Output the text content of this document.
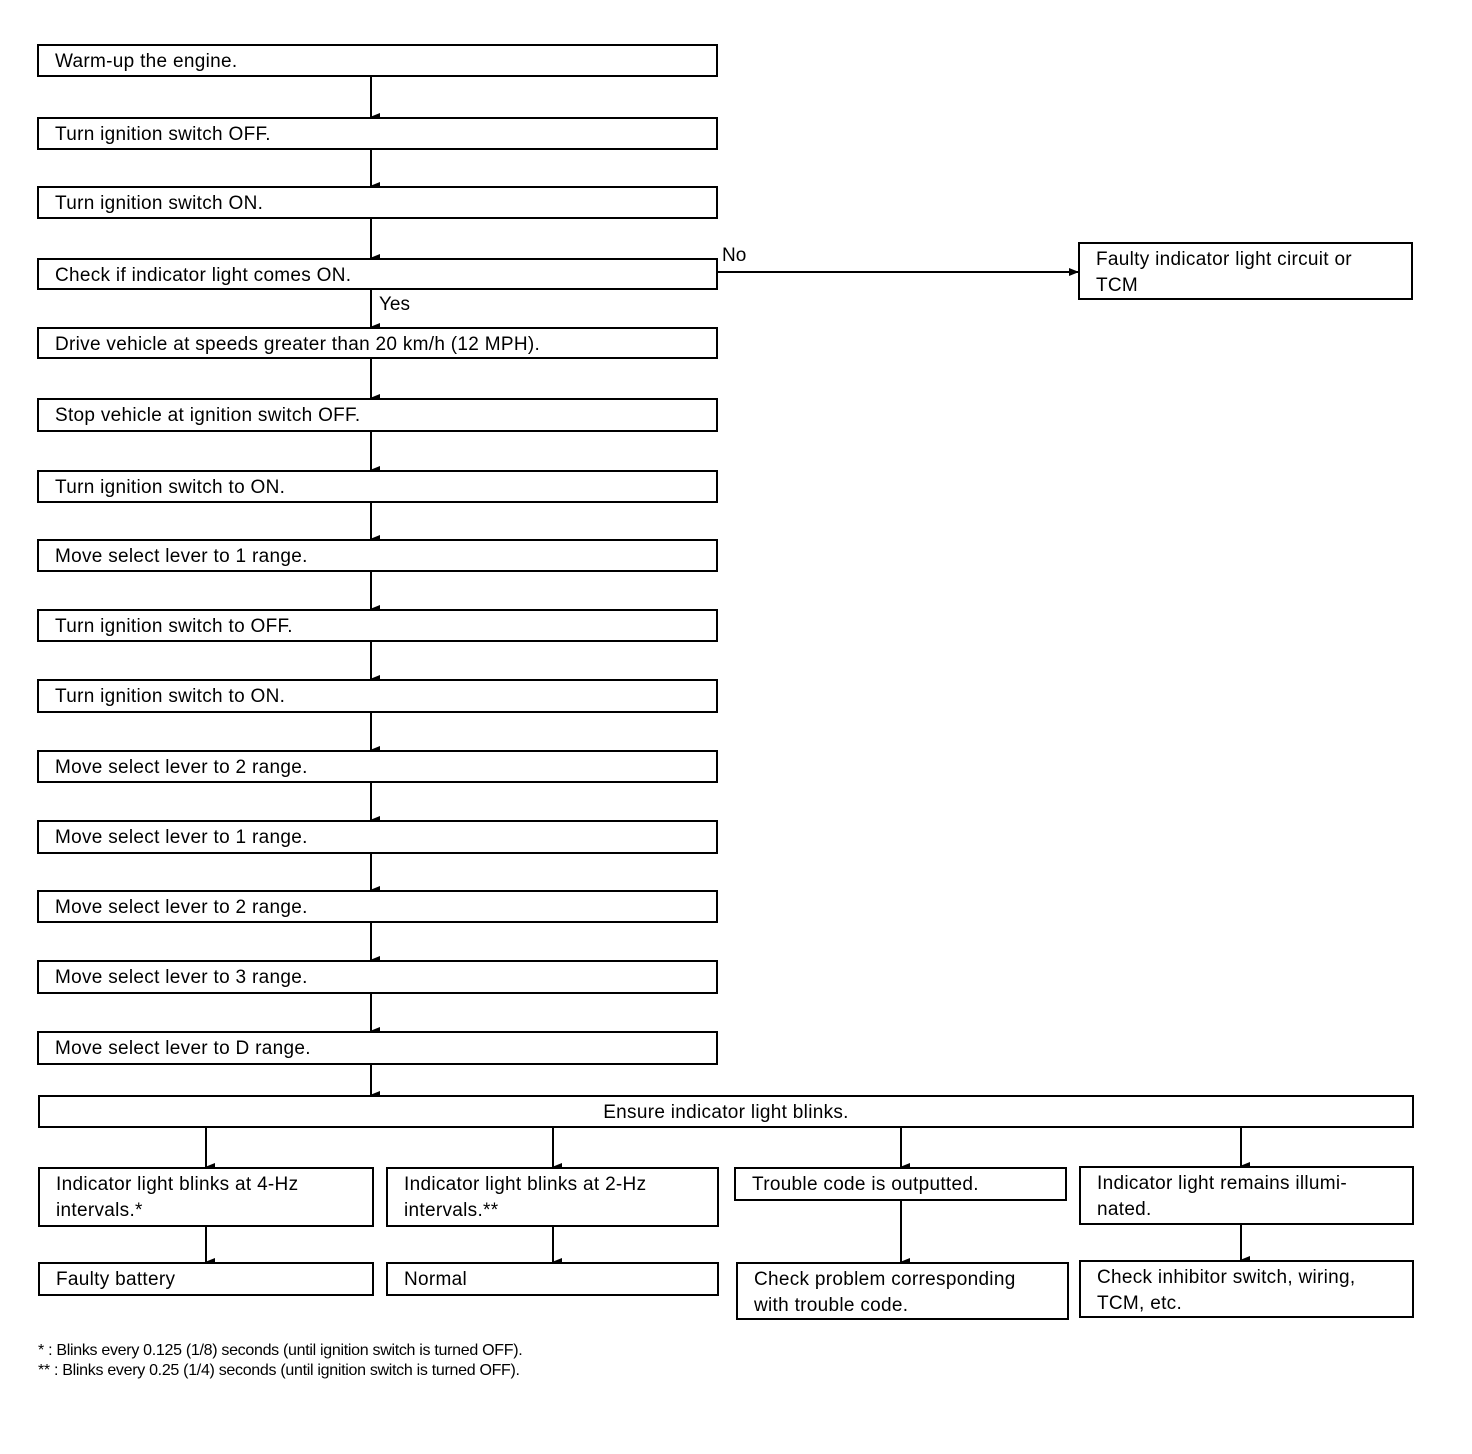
Warm-up the engine.
Turn ignition switch OFF.
Turn ignition switch ON.
Check if indicator light comes ON.
Drive vehicle at speeds greater than 20 km/h (12 MPH).
Stop vehicle at ignition switch OFF.
Turn ignition switch to ON.
Move select lever to 1 range.
Turn ignition switch to OFF.
Turn ignition switch to ON.
Move select lever to 2 range.
Move select lever to 1 range.
Move select lever to 2 range.
Move select lever to 3 range.
Move select lever to D range.
No
Yes
Faulty indicator light circuit or
TCM
Ensure indicator light blinks.
Indicator light blinks at 4-Hz
intervals.*
Indicator light blinks at 2-Hz
intervals.**
Trouble code is outputted.	Indicator light remains illumi-
nated.
Faulty battery	Normal	Check problem corresponding
with trouble code.
Check inhibitor switch, wiring,
TCM, etc.
* : Blinks every 0.125 (1/8) seconds (until ignition switch is turned OFF).
** : Blinks every 0.25 (1/4) seconds (until ignition switch is turned OFF).
